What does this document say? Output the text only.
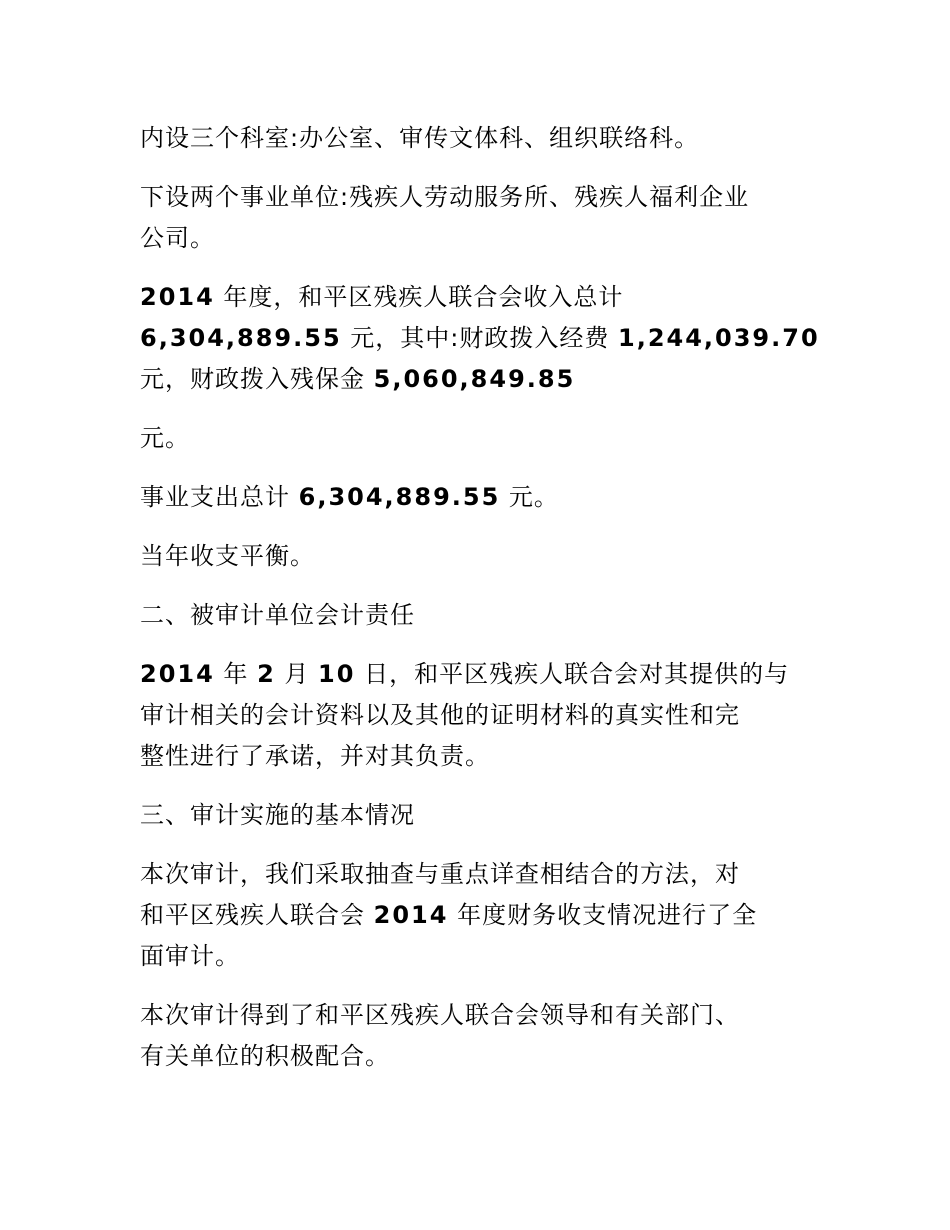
内设三个科室:办公室、审传文体科、组织联络科。

下设两个事业单位:残疾人劳动服务所、残疾人福利企业
公司。

2014 年度，和平区残疾人联合会收入总计
6,304,889.55 元，其中:财政拨入经费 1,244,039.70
元，财政拨入残保金 5,060,849.85

元。

事业支出总计 6,304,889.55 元。

当年收支平衡。

二、被审计单位会计责任

2014 年 2 月 10 日，和平区残疾人联合会对其提供的与
审计相关的会计资料以及其他的证明材料的真实性和完
整性进行了承诺，并对其负责。

三、审计实施的基本情况

本次审计，我们采取抽查与重点详查相结合的方法，对
和平区残疾人联合会 2014 年度财务收支情况进行了全
面审计。

本次审计得到了和平区残疾人联合会领导和有关部门、
有关单位的积极配合。
